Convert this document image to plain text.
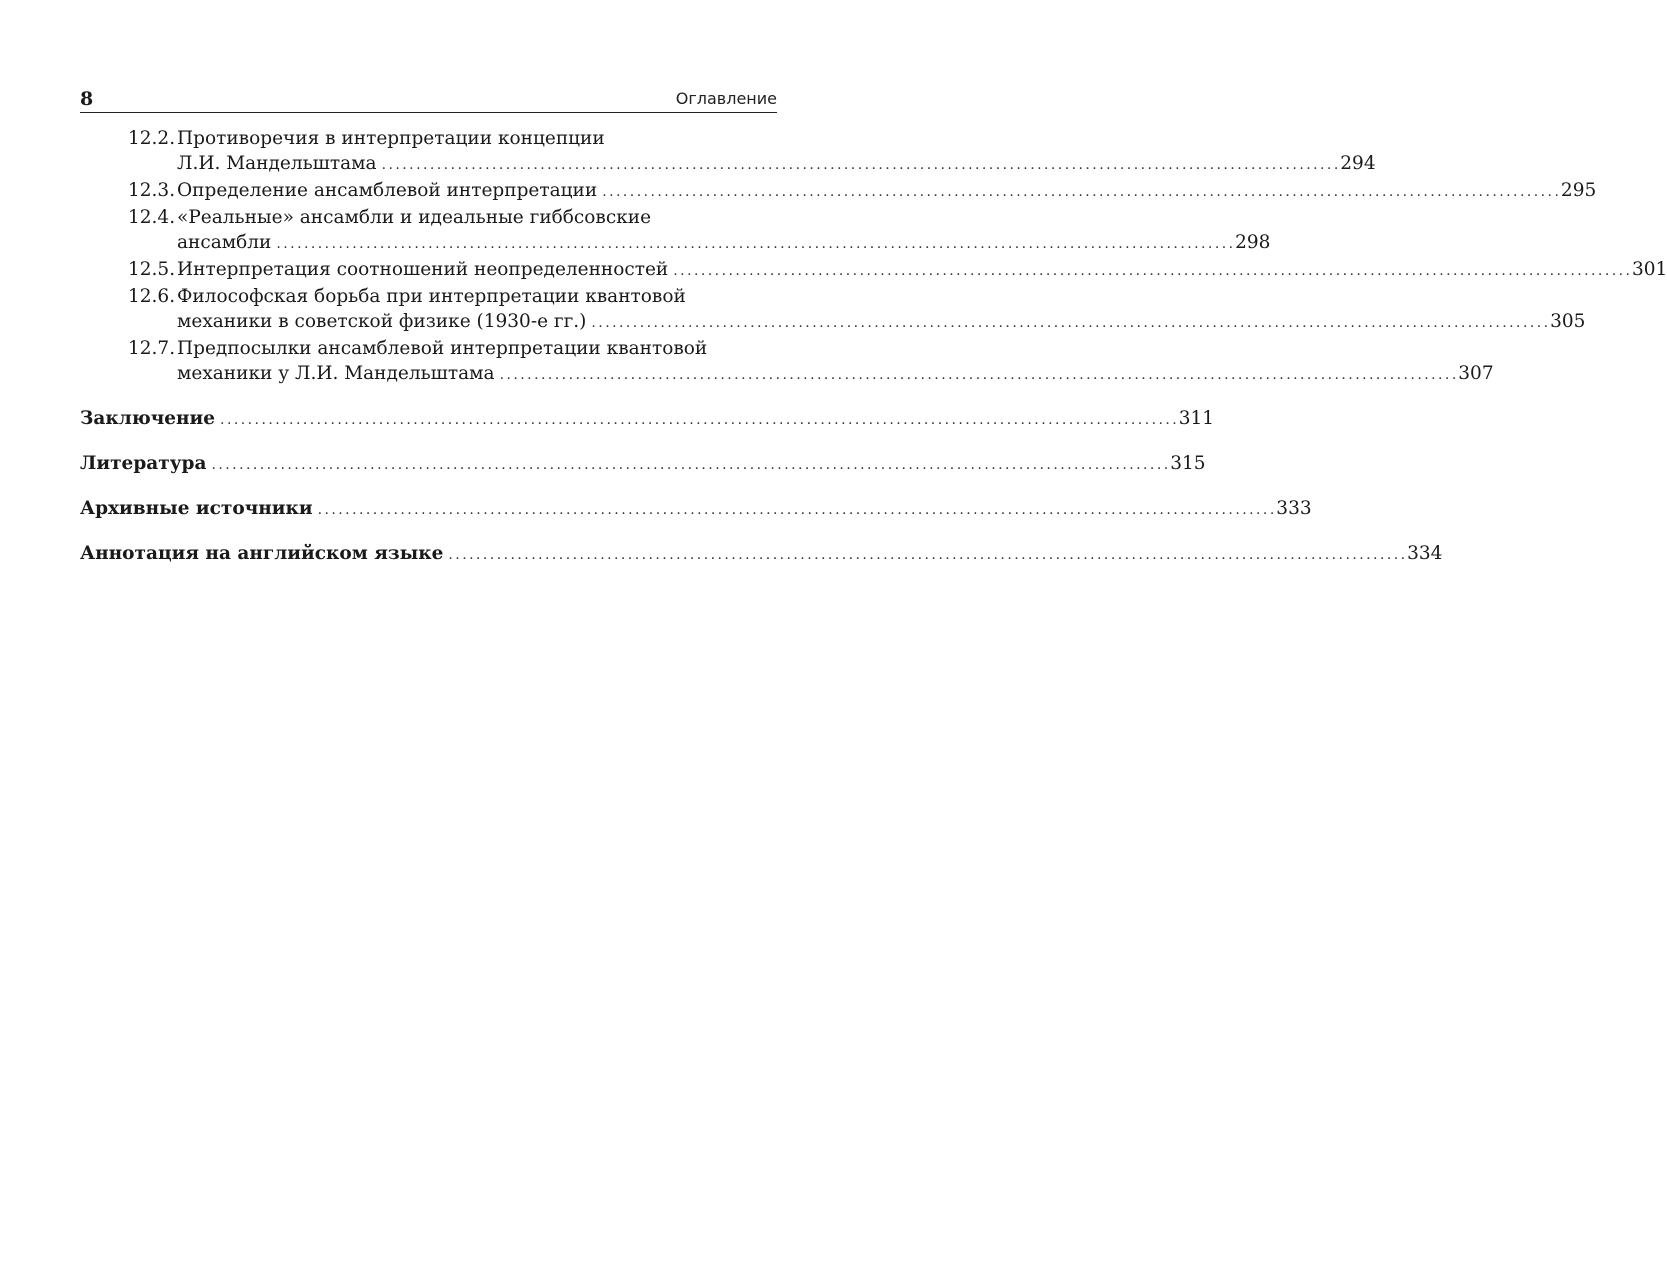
8	Оглавление
12.2. Противоречия в интерпретации концепции
Л.И. Мандельштама . . .	294
12.3. Определение ансамблевой интерпретации . . .	295
12.4. «Реальные» ансамбли и идеальные гиббсовские
ансамбли . . .	298
12.5. Интерпретация соотношений неопределенностей . . .	301
12.6. Философская борьба при интерпретации квантовой
механики в советской физике (1930-е гг.) . . .	305
12.7. Предпосылки ансамблевой интерпретации квантовой
механики у Л.И. Мандельштама . . .	307
Заключение . . .	311
Литература . . .	315
Архивные источники . . .	333
Аннотация на английском языке . . .	334
